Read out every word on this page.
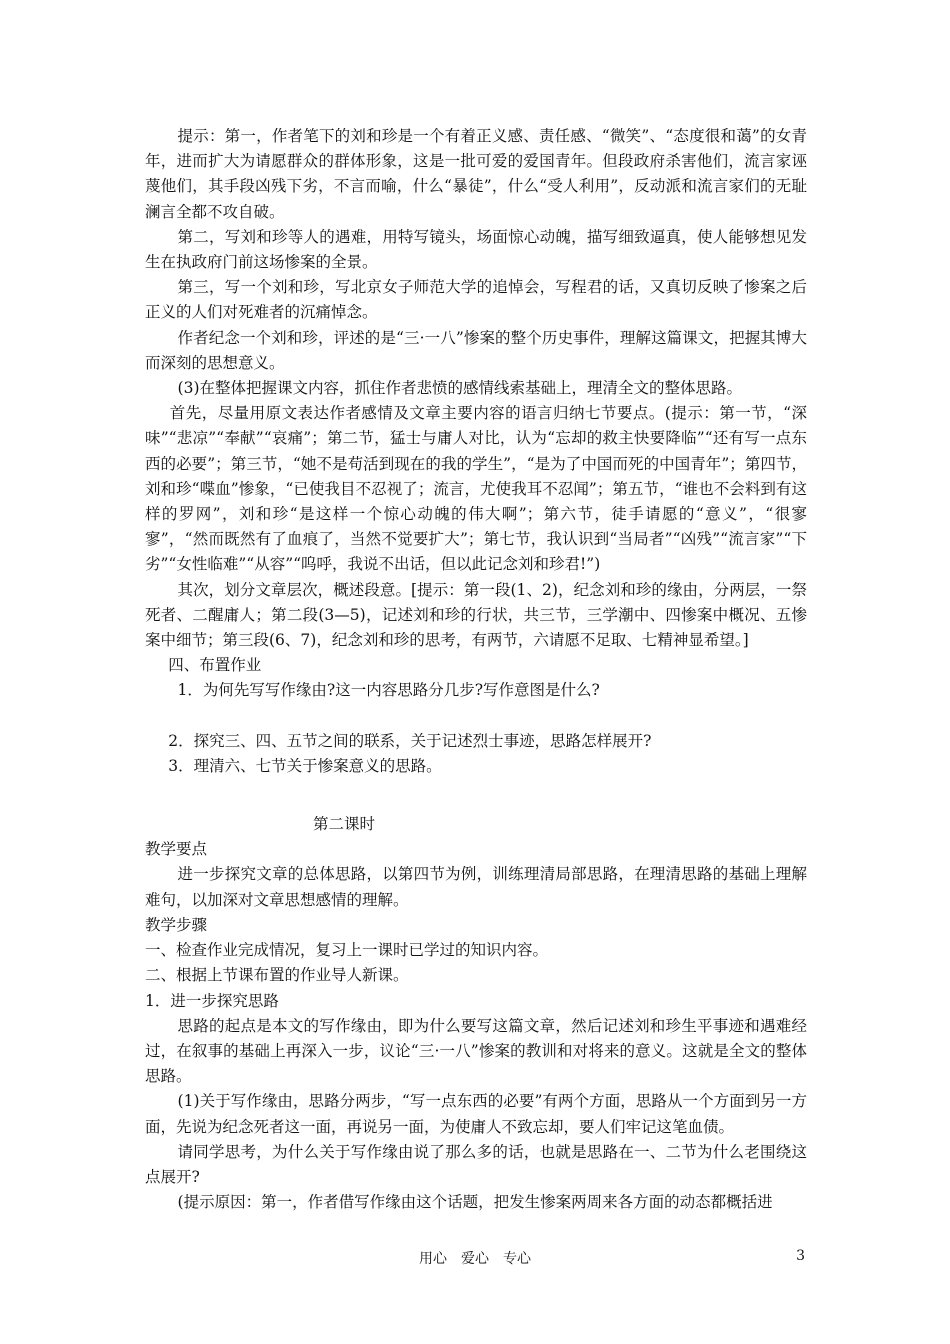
提示：第一，作者笔下的刘和珍是一个有着正义感、责任感、“微笑”、“态度很和蔼”的女青年，进而扩大为请愿群众的群体形象，这是一批可爱的爱国青年。但段政府杀害他们，流言家诬蔑他们，其手段凶残下劣，不言而喻，什么“暴徒”，什么“受人利用”，反动派和流言家们的无耻澜言全都不攻自破。

第二，写刘和珍等人的遇难，用特写镜头，场面惊心动魄，描写细致逼真，使人能够想见发生在执政府门前这场惨案的全景。

第三，写一个刘和珍，写北京女子师范大学的追悼会，写程君的话，又真切反映了惨案之后正义的人们对死难者的沉痛悼念。

作者纪念一个刘和珍，评述的是“三·一八”惨案的整个历史事件，理解这篇课文，把握其博大而深刻的思想意义。

(3)在整体把握课文内容，抓住作者悲愤的感情线索基础上，理清全文的整体思路。

首先，尽量用原文表达作者感情及文章主要内容的语言归纳七节要点。(提示：第一节，“深味”“悲凉”“奉献”“哀痛”；第二节，猛士与庸人对比，认为“忘却的救主快要降临”“还有写一点东西的必要”；第三节，“她不是苟活到现在的我的学生”，“是为了中国而死的中国青年”；第四节，刘和珍“喋血”惨象，“已使我目不忍视了；流言，尤使我耳不忍闻”；第五节，“谁也不会料到有这样的罗网”，刘和珍“是这样一个惊心动魄的伟大啊”；第六节，徒手请愿的“意义”，“很寥寥”，“然而既然有了血痕了，当然不觉要扩大”；第七节，我认识到“当局者”“凶残”“流言家”“下劣”“女性临难”“从容”“呜呼，我说不出话，但以此记念刘和珍君!”)

其次，划分文章层次，概述段意。[提示：第一段(1、2)，纪念刘和珍的缘由，分两层，一祭死者、二醒庸人；第二段(3—5)，记述刘和珍的行状，共三节，三学潮中、四惨案中概况、五惨案中细节；第三段(6、7)，纪念刘和珍的思考，有两节，六请愿不足取、七精神显希望。]

四、布置作业

1．为何先写写作缘由?这一内容思路分几步?写作意图是什么?

2．探究三、四、五节之间的联系，关于记述烈士事迹，思路怎样展开?

3．理清六、七节关于惨案意义的思路。

第二课时

教学要点

进一步探究文章的总体思路，以第四节为例，训练理清局部思路，在理清思路的基础上理解难句，以加深对文章思想感情的理解。

教学步骤

一、检查作业完成情况，复习上一课时已学过的知识内容。

二、根据上节课布置的作业导人新课。

1．进一步探究思路

思路的起点是本文的写作缘由，即为什么要写这篇文章，然后记述刘和珍生平事迹和遇难经过，在叙事的基础上再深入一步，议论“三·一八”惨案的教训和对将来的意义。这就是全文的整体思路。

(1)关于写作缘由，思路分两步，“写一点东西的必要”有两个方面，思路从一个方面到另一方面，先说为纪念死者这一面，再说另一面，为使庸人不致忘却，要人们牢记这笔血债。

请同学思考，为什么关于写作缘由说了那么多的话，也就是思路在一、二节为什么老围绕这点展开?

(提示原因：第一，作者借写作缘由这个话题，把发生惨案两周来各方面的动态都概括进

用心　爱心　专心	3
